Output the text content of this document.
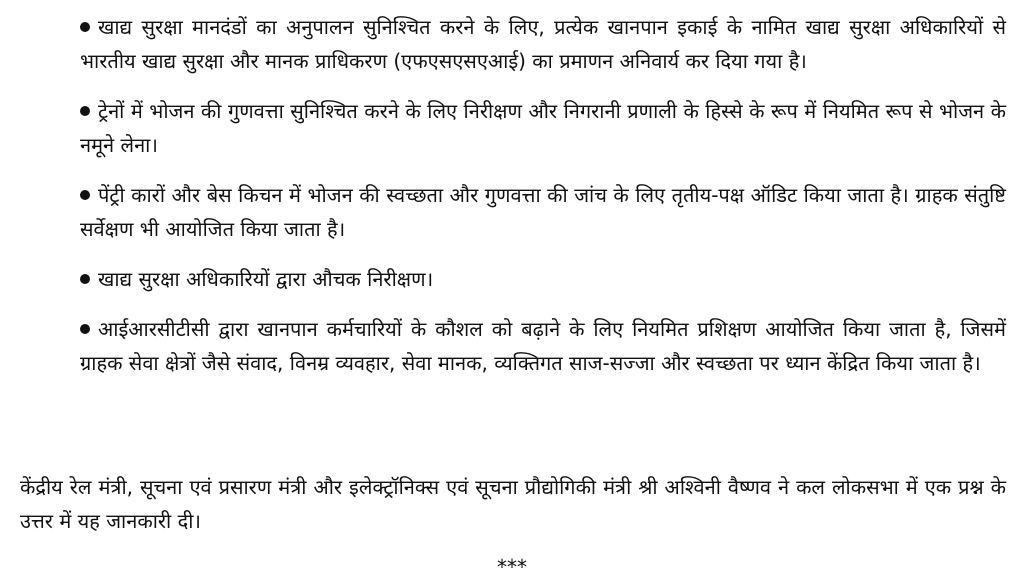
खाद्य सुरक्षा मानदंडों का अनुपालन सुनिश्चित करने के लिए, प्रत्येक खानपान इकाई के नामित खाद्य सुरक्षा अधिकारियों से भारतीय खाद्य सुरक्षा और मानक प्राधिकरण (एफएसएसएआई) का प्रमाणन अनिवार्य कर दिया गया है।

ट्रेनों में भोजन की गुणवत्ता सुनिश्चित करने के लिए निरीक्षण और निगरानी प्रणाली के हिस्से के रूप में नियमित रूप से भोजन के नमूने लेना।

पेंट्री कारों और बेस किचन में भोजन की स्वच्छता और गुणवत्ता की जांच के लिए तृतीय-पक्ष ऑडिट किया जाता है। ग्राहक संतुष्टि सर्वेक्षण भी आयोजित किया जाता है।

खाद्य सुरक्षा अधिकारियों द्वारा औचक निरीक्षण।

आईआरसीटीसी द्वारा खानपान कर्मचारियों के कौशल को बढ़ाने के लिए नियमित प्रशिक्षण आयोजित किया जाता है, जिसमें ग्राहक सेवा क्षेत्रों जैसे संवाद, विनम्र व्यवहार, सेवा मानक, व्यक्तिगत साज-सज्जा और स्वच्छता पर ध्यान केंद्रित किया जाता है।

केंद्रीय रेल मंत्री, सूचना एवं प्रसारण मंत्री और इलेक्ट्रॉनिक्स एवं सूचना प्रौद्योगिकी मंत्री श्री अश्विनी वैष्णव ने कल लोकसभा में एक प्रश्न के उत्तर में यह जानकारी दी।

***
